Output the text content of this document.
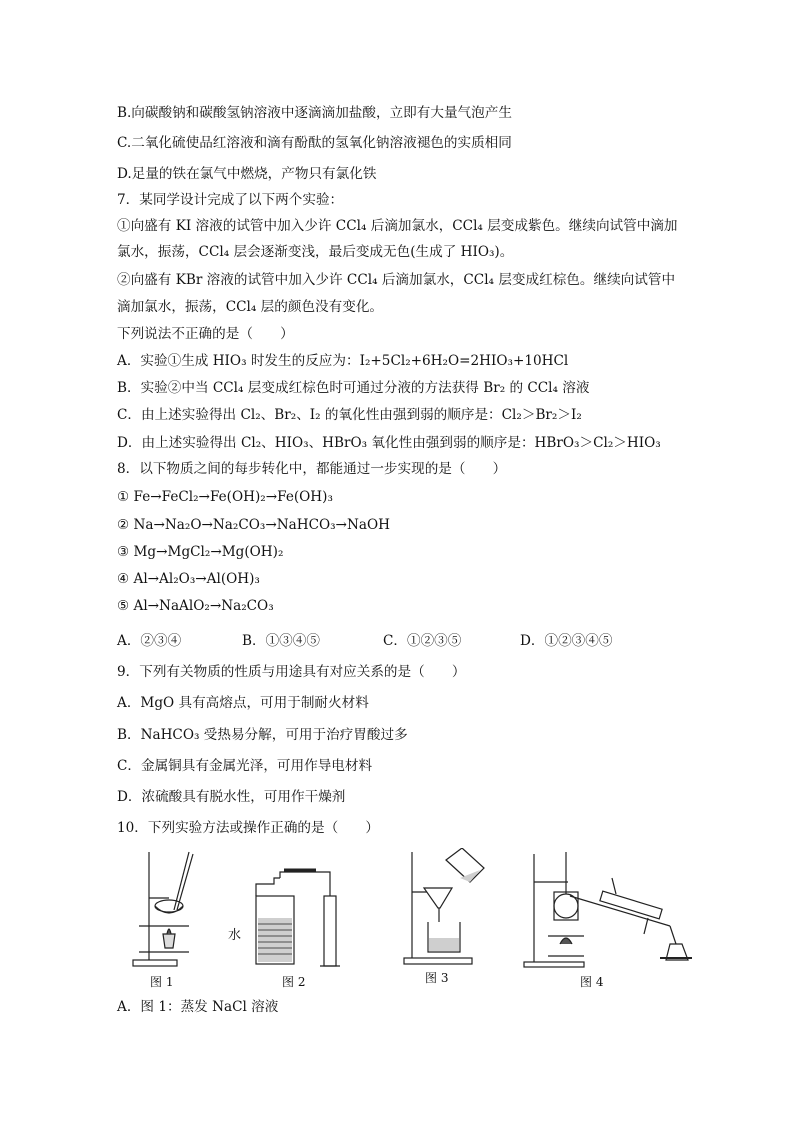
B.向碳酸钠和碳酸氢钠溶液中逐滴滴加盐酸，立即有大量气泡产生
C.二氧化硫使品红溶液和滴有酚酞的氢氧化钠溶液褪色的实质相同
D.足量的铁在氯气中燃烧，产物只有氯化铁
7．某同学设计完成了以下两个实验：
①向盛有 KI 溶液的试管中加入少许 CCl₄ 后滴加氯水，CCl₄ 层变成紫色。继续向试管中滴加
氯水，振荡，CCl₄ 层会逐渐变浅，最后变成无色(生成了 HIO₃)。
②向盛有 KBr 溶液的试管中加入少许 CCl₄ 后滴加氯水，CCl₄ 层变成红棕色。继续向试管中
滴加氯水，振荡，CCl₄ 层的颜色没有变化。
下列说法不正确的是（　　）
A．实验①生成 HIO₃ 时发生的反应为：I₂+5Cl₂+6H₂O=2HIO₃+10HCl
B．实验②中当 CCl₄ 层变成红棕色时可通过分液的方法获得 Br₂ 的 CCl₄ 溶液
C．由上述实验得出 Cl₂、Br₂、I₂ 的氧化性由强到弱的顺序是：Cl₂＞Br₂＞I₂
D．由上述实验得出 Cl₂、HIO₃、HBrO₃ 氧化性由强到弱的顺序是：HBrO₃＞Cl₂＞HIO₃
8．以下物质之间的每步转化中，都能通过一步实现的是（　　）
① Fe→FeCl₂→Fe(OH)₂→Fe(OH)₃
② Na→Na₂O→Na₂CO₃→NaHCO₃→NaOH
③ Mg→MgCl₂→Mg(OH)₂
④ Al→Al₂O₃→Al(OH)₃
⑤ Al→NaAlO₂→Na₂CO₃
A．②③④	B．①③④⑤	C．①②③⑤	D．①②③④⑤
9．下列有关物质的性质与用途具有对应关系的是（　　）
A．MgO 具有高熔点，可用于制耐火材料
B．NaHCO₃ 受热易分解，可用于治疗胃酸过多
C．金属铜具有金属光泽，可用作导电材料
D．浓硫酸具有脱水性，可用作干燥剂
10．下列实验方法或操作正确的是（　　）
图 1
水
图 2	图 3	图 4
A．图 1：蒸发 NaCl 溶液
